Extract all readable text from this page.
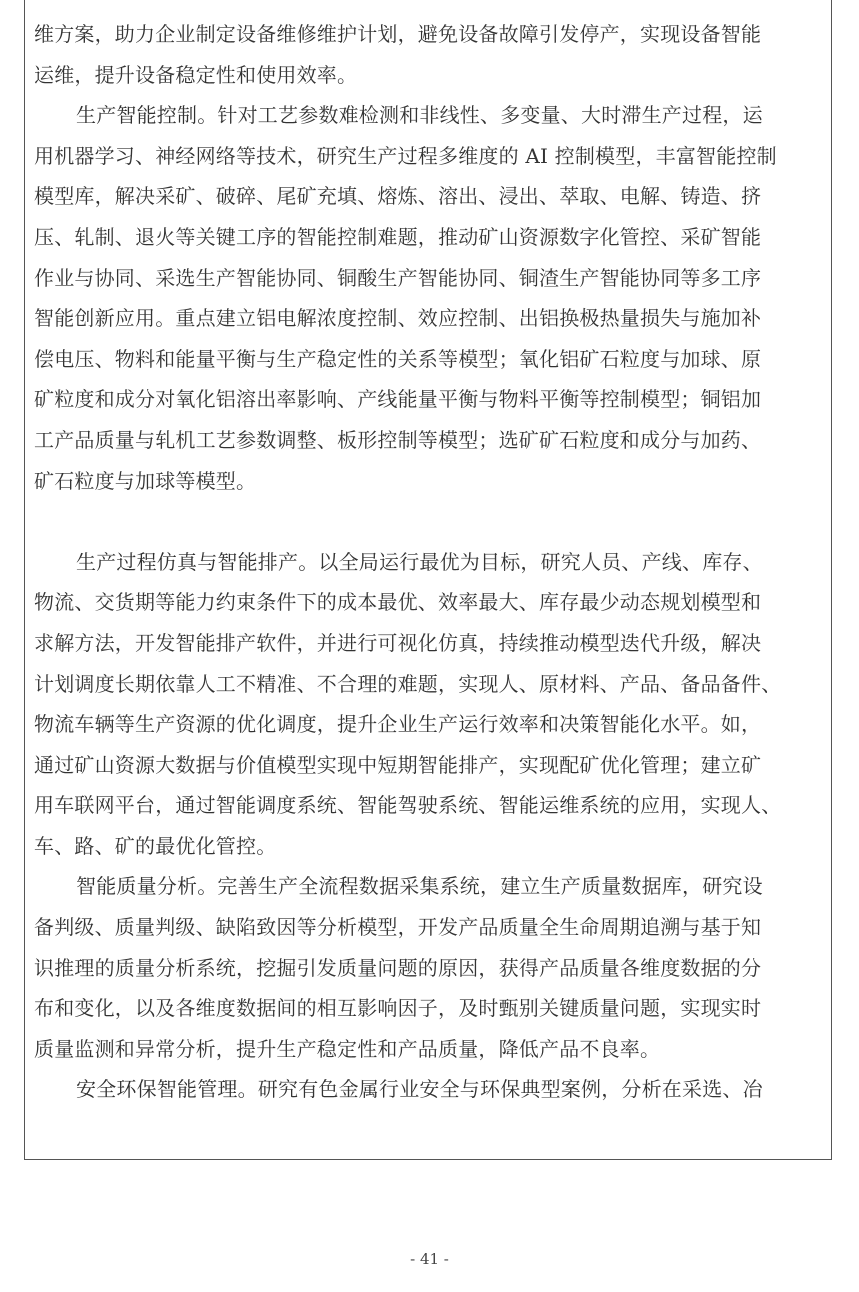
维方案，助力企业制定设备维修维护计划，避免设备故障引发停产，实现设备智能
运维，提升设备稳定性和使用效率。
生产智能控制。针对工艺参数难检测和非线性、多变量、大时滞生产过程，运
用机器学习、神经网络等技术，研究生产过程多维度的 AI 控制模型，丰富智能控制
模型库，解决采矿、破碎、尾矿充填、熔炼、溶出、浸出、萃取、电解、铸造、挤
压、轧制、退火等关键工序的智能控制难题，推动矿山资源数字化管控、采矿智能
作业与协同、采选生产智能协同、铜酸生产智能协同、铜渣生产智能协同等多工序
智能创新应用。重点建立铝电解浓度控制、效应控制、出铝换极热量损失与施加补
偿电压、物料和能量平衡与生产稳定性的关系等模型；氧化铝矿石粒度与加球、原
矿粒度和成分对氧化铝溶出率影响、产线能量平衡与物料平衡等控制模型；铜铝加
工产品质量与轧机工艺参数调整、板形控制等模型；选矿矿石粒度和成分与加药、
矿石粒度与加球等模型。
生产过程仿真与智能排产。以全局运行最优为目标，研究人员、产线、库存、
物流、交货期等能力约束条件下的成本最优、效率最大、库存最少动态规划模型和
求解方法，开发智能排产软件，并进行可视化仿真，持续推动模型迭代升级，解决
计划调度长期依靠人工不精准、不合理的难题，实现人、原材料、产品、备品备件、
物流车辆等生产资源的优化调度，提升企业生产运行效率和决策智能化水平。如，
通过矿山资源大数据与价值模型实现中短期智能排产，实现配矿优化管理；建立矿
用车联网平台，通过智能调度系统、智能驾驶系统、智能运维系统的应用，实现人、
车、路、矿的最优化管控。
智能质量分析。完善生产全流程数据采集系统，建立生产质量数据库，研究设
备判级、质量判级、缺陷致因等分析模型，开发产品质量全生命周期追溯与基于知
识推理的质量分析系统，挖掘引发质量问题的原因，获得产品质量各维度数据的分
布和变化，以及各维度数据间的相互影响因子，及时甄别关键质量问题，实现实时
质量监测和异常分析，提升生产稳定性和产品质量，降低产品不良率。
安全环保智能管理。研究有色金属行业安全与环保典型案例，分析在采选、冶
- 41 -
